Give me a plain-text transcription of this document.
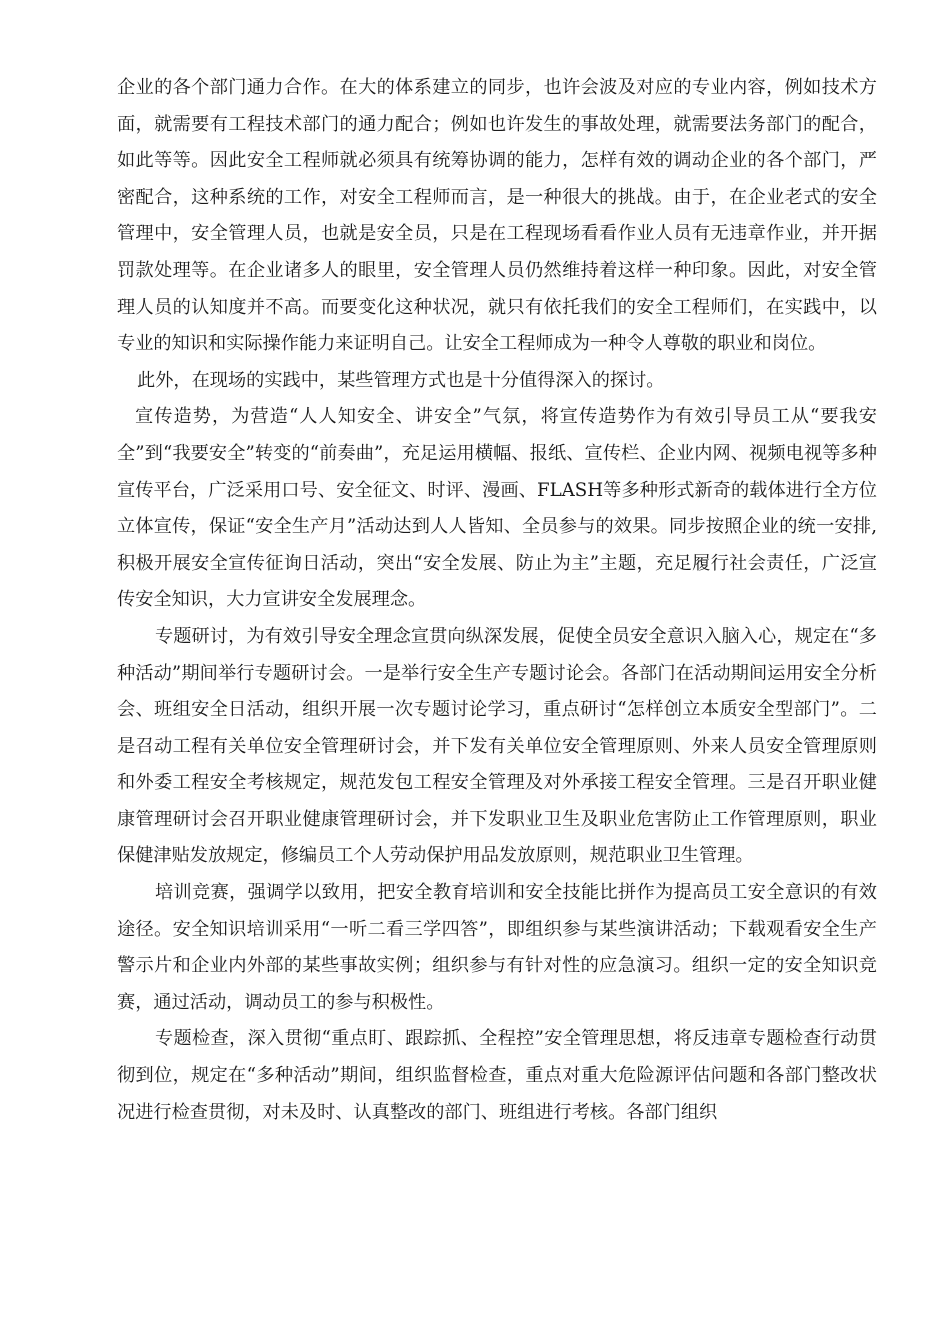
企业的各个部门通力合作。在大的体系建立的同步，也许会波及对应的专业内容，例如技术方面，就需要有工程技术部门的通力配合；例如也许发生的事故处理，就需要法务部门的配合，如此等等。因此安全工程师就必须具有统筹协调的能力，怎样有效的调动企业的各个部门，严密配合，这种系统的工作，对安全工程师而言，是一种很大的挑战。由于，在企业老式的安全管理中，安全管理人员，也就是安全员，只是在工程现场看看作业人员有无违章作业，并开据罚款处理等。在企业诸多人的眼里，安全管理人员仍然维持着这样一种印象。因此，对安全管理人员的认知度并不高。而要变化这种状况，就只有依托我们的安全工程师们，在实践中，以专业的知识和实际操作能力来证明自己。让安全工程师成为一种令人尊敬的职业和岗位。

此外，在现场的实践中，某些管理方式也是十分值得深入的探讨。

宣传造势，为营造“人人知安全、讲安全”气氛，将宣传造势作为有效引导员工从“要我安全”到“我要安全”转变的“前奏曲”，充足运用横幅、报纸、宣传栏、企业内网、视频电视等多种宣传平台，广泛采用口号、安全征文、时评、漫画、FLASH等多种形式新奇的载体进行全方位立体宣传，保证“安全生产月”活动达到人人皆知、全员参与的效果。同步按照企业的统一安排,积极开展安全宣传征询日活动，突出“安全发展、防止为主”主题，充足履行社会责任，广泛宣传安全知识，大力宣讲安全发展理念。

专题研讨，为有效引导安全理念宣贯向纵深发展，促使全员安全意识入脑入心，规定在“多种活动”期间举行专题研讨会。一是举行安全生产专题讨论会。各部门在活动期间运用安全分析会、班组安全日活动，组织开展一次专题讨论学习，重点研讨“怎样创立本质安全型部门”。二是召动工程有关单位安全管理研讨会，并下发有关单位安全管理原则、外来人员安全管理原则和外委工程安全考核规定，规范发包工程安全管理及对外承接工程安全管理。三是召开职业健康管理研讨会召开职业健康管理研讨会，并下发职业卫生及职业危害防止工作管理原则，职业保健津贴发放规定，修编员工个人劳动保护用品发放原则，规范职业卫生管理。

培训竞赛，强调学以致用，把安全教育培训和安全技能比拼作为提高员工安全意识的有效途径。安全知识培训采用“一听二看三学四答”，即组织参与某些演讲活动；下载观看安全生产警示片和企业内外部的某些事故实例；组织参与有针对性的应急演习。组织一定的安全知识竞赛，通过活动，调动员工的参与积极性。

专题检查，深入贯彻“重点盯、跟踪抓、全程控”安全管理思想，将反违章专题检查行动贯彻到位，规定在“多种活动”期间，组织监督检查，重点对重大危险源评估问题和各部门整改状况进行检查贯彻，对未及时、认真整改的部门、班组进行考核。各部门组织
